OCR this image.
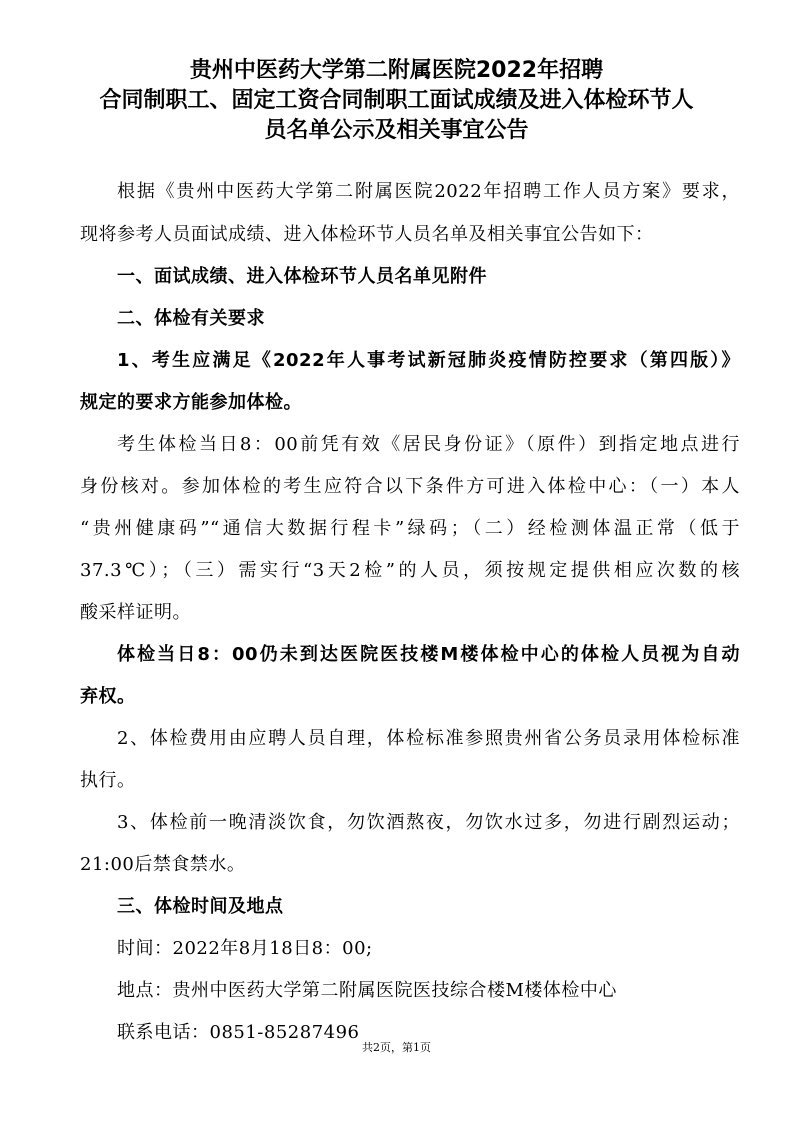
贵州中医药大学第二附属医院2022年招聘
合同制职工、固定工资合同制职工面试成绩及进入体检环节人
员名单公示及相关事宜公告
根据《贵州中医药大学第二附属医院2022年招聘工作人员方案》要求，
现将参考人员面试成绩、进入体检环节人员名单及相关事宜公告如下：
一、面试成绩、进入体检环节人员名单见附件
二、体检有关要求
1、考生应满足《2022年人事考试新冠肺炎疫情防控要求（第四版）》
规定的要求方能参加体检。
考生体检当日8：00前凭有效《居民身份证》（原件）到指定地点进行
身份核对。参加体检的考生应符合以下条件方可进入体检中心：（一）本人
“贵州健康码”“通信大数据行程卡”绿码；（二）经检测体温正常（低于
37.3℃）；（三）需实行“3天2检”的人员，须按规定提供相应次数的核
酸采样证明。
体检当日8：00仍未到达医院医技楼M楼体检中心的体检人员视为自动
弃权。
2、体检费用由应聘人员自理，体检标准参照贵州省公务员录用体检标准
执行。
3、体检前一晚清淡饮食，勿饮酒熬夜，勿饮水过多，勿进行剧烈运动；
21:00后禁食禁水。
三、体检时间及地点
时间：2022年8月18日8：00;
地点：贵州中医药大学第二附属医院医技综合楼M楼体检中心
联系电话：0851-85287496
共2页，第1页
